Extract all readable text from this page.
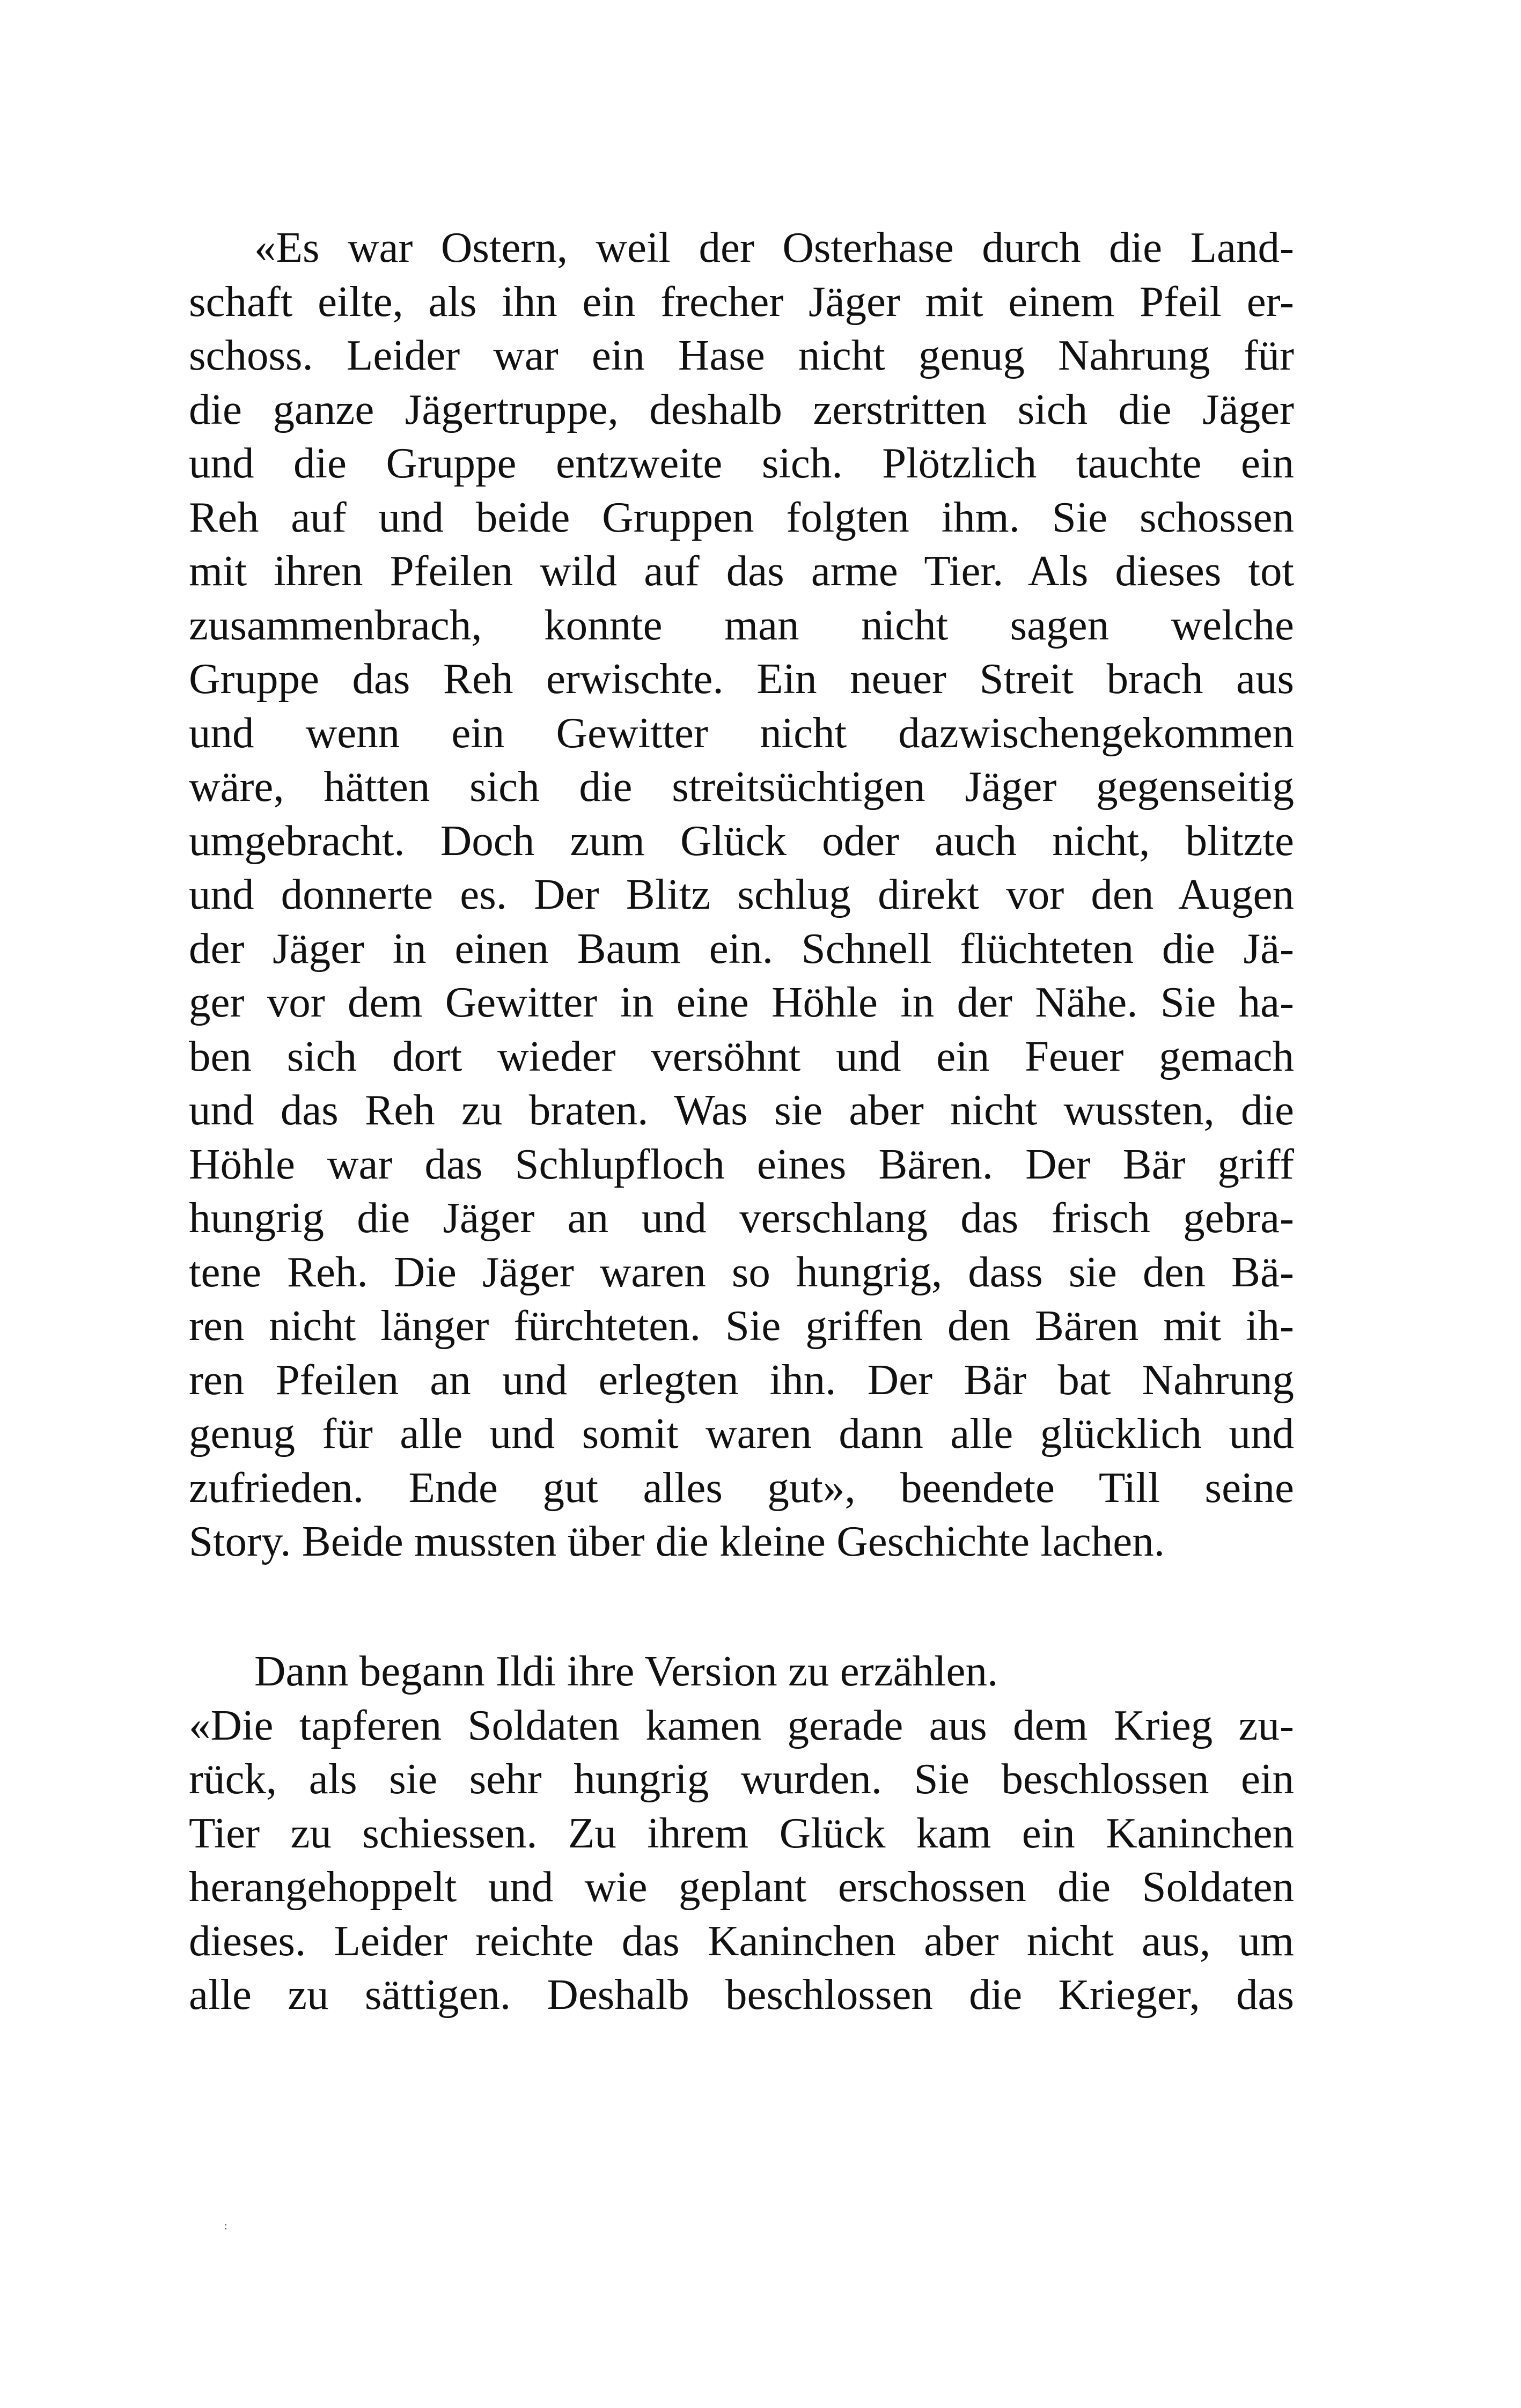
«Es war Ostern, weil der Osterhase durch die Land-
schaft eilte, als ihn ein frecher Jäger mit einem Pfeil er-
schoss. Leider war ein Hase nicht genug Nahrung für
die ganze Jägertruppe, deshalb zerstritten sich die Jäger
und die Gruppe entzweite sich. Plötzlich tauchte ein
Reh auf und beide Gruppen folgten ihm. Sie schossen
mit ihren Pfeilen wild auf das arme Tier. Als dieses tot
zusammenbrach, konnte man nicht sagen welche
Gruppe das Reh erwischte. Ein neuer Streit brach aus
und wenn ein Gewitter nicht dazwischengekommen
wäre, hätten sich die streitsüchtigen Jäger gegenseitig
umgebracht. Doch zum Glück oder auch nicht, blitzte
und donnerte es. Der Blitz schlug direkt vor den Augen
der Jäger in einen Baum ein. Schnell flüchteten die Jä-
ger vor dem Gewitter in eine Höhle in der Nähe. Sie ha-
ben sich dort wieder versöhnt und ein Feuer gemach
und das Reh zu braten. Was sie aber nicht wussten, die
Höhle war das Schlupfloch eines Bären. Der Bär griff
hungrig die Jäger an und verschlang das frisch gebra-
tene Reh. Die Jäger waren so hungrig, dass sie den Bä-
ren nicht länger fürchteten. Sie griffen den Bären mit ih-
ren Pfeilen an und erlegten ihn. Der Bär bat Nahrung
genug für alle und somit waren dann alle glücklich und
zufrieden. Ende gut alles gut», beendete Till seine
Story. Beide mussten über die kleine Geschichte lachen.
Dann begann Ildi ihre Version zu erzählen.
«Die tapferen Soldaten kamen gerade aus dem Krieg zu-
rück, als sie sehr hungrig wurden. Sie beschlossen ein
Tier zu schiessen. Zu ihrem Glück kam ein Kaninchen
herangehoppelt und wie geplant erschossen die Soldaten
dieses. Leider reichte das Kaninchen aber nicht aus, um
alle zu sättigen. Deshalb beschlossen die Krieger, das
:
